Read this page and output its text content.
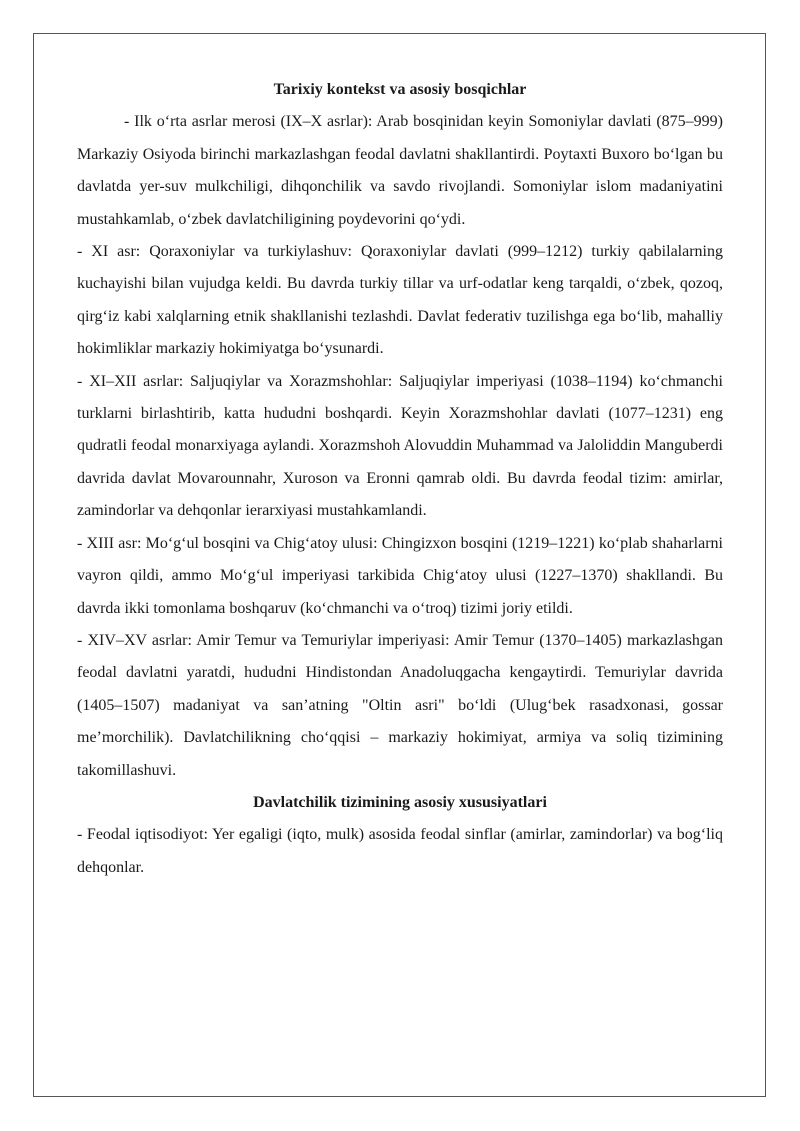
Tarixiy kontekst va asosiy bosqichlar

- Ilk o‘rta asrlar merosi (IX–X asrlar): Arab bosqinidan keyin Somoniylar davlati (875–999) Markaziy Osiyoda birinchi markazlashgan feodal davlatni shakllantirdi. Poytaxti Buxoro bo‘lgan bu davlatda yer-suv mulkchiligi, dihqonchilik va savdo rivojlandi. Somoniylar islom madaniyatini mustahkamlab, o‘zbek davlatchiligining poydevorini qo‘ydi.

- XI asr: Qoraxoniylar va turkiylashuv: Qoraxoniylar davlati (999–1212) turkiy qabilalarning kuchayishi bilan vujudga keldi. Bu davrda turkiy tillar va urf-odatlar keng tarqaldi, o‘zbek, qozoq, qirg‘iz kabi xalqlarning etnik shakllanishi tezlashdi. Davlat federativ tuzilishga ega bo‘lib, mahalliy hokimliklar markaziy hokimiyatga bo‘ysunardi.

- XI–XII asrlar: Saljuqiylar va Xorazmshohlar: Saljuqiylar imperiyasi (1038–1194) ko‘chmanchi turklarni birlashtirib, katta hududni boshqardi. Keyin Xorazmshohlar davlati (1077–1231) eng qudratli feodal monarxiyaga aylandi. Xorazmshoh Alovuddin Muhammad va Jaloliddin Manguberdi davrida davlat Movarounnahr, Xuroson va Eronni qamrab oldi. Bu davrda feodal tizim: amirlar, zamindorlar va dehqonlar ierarxiyasi mustahkamlandi.

- XIII asr: Mo‘g‘ul bosqini va Chig‘atoy ulusi: Chingizxon bosqini (1219–1221) ko‘plab shaharlarni vayron qildi, ammo Mo‘g‘ul imperiyasi tarkibida Chig‘atoy ulusi (1227–1370) shakllandi. Bu davrda ikki tomonlama boshqaruv (ko‘chmanchi va o‘troq) tizimi joriy etildi.

- XIV–XV asrlar: Amir Temur va Temuriylar imperiyasi: Amir Temur (1370–1405) markazlashgan feodal davlatni yaratdi, hududni Hindistondan Anadoluqgacha kengaytirdi. Temuriylar davrida (1405–1507) madaniyat va san’atning "Oltin asri" bo‘ldi (Ulug‘bek rasadxonasi, gossar me’morchilik). Davlatchilikning cho‘qqisi – markaziy hokimiyat, armiya va soliq tizimining takomillashuvi.

Davlatchilik tizimining asosiy xususiyatlari

- Feodal iqtisodiyot: Yer egaligi (iqto, mulk) asosida feodal sinflar (amirlar, zamindorlar) va bog‘liq dehqonlar.
